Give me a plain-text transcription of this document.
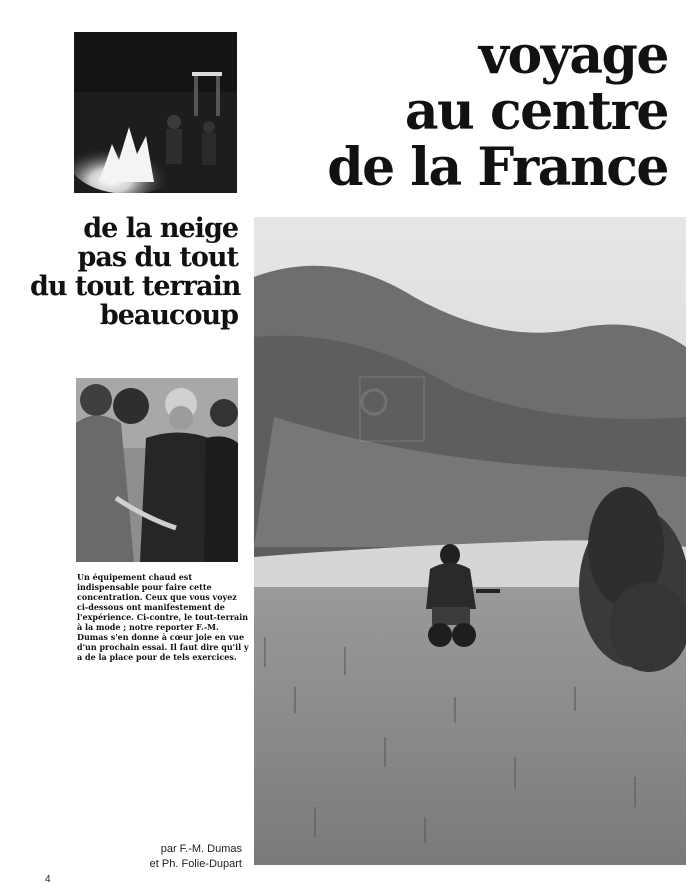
voyage
au centre
de la France
de la neige
pas du tout
du tout terrain
beaucoup

Un équipement chaud est indispensable pour faire cette concentration. Ceux que vous voyez ci-dessous ont manifestement de l'expérience. Ci-contre, le tout-terrain à la mode ; notre reporter F.-M. Dumas s'en donne à cœur joie en vue d'un prochain essai. Il faut dire qu'il y a de la place pour de tels exercices.

par F.-M. Dumas
et Ph. Folie-Dupart
4
